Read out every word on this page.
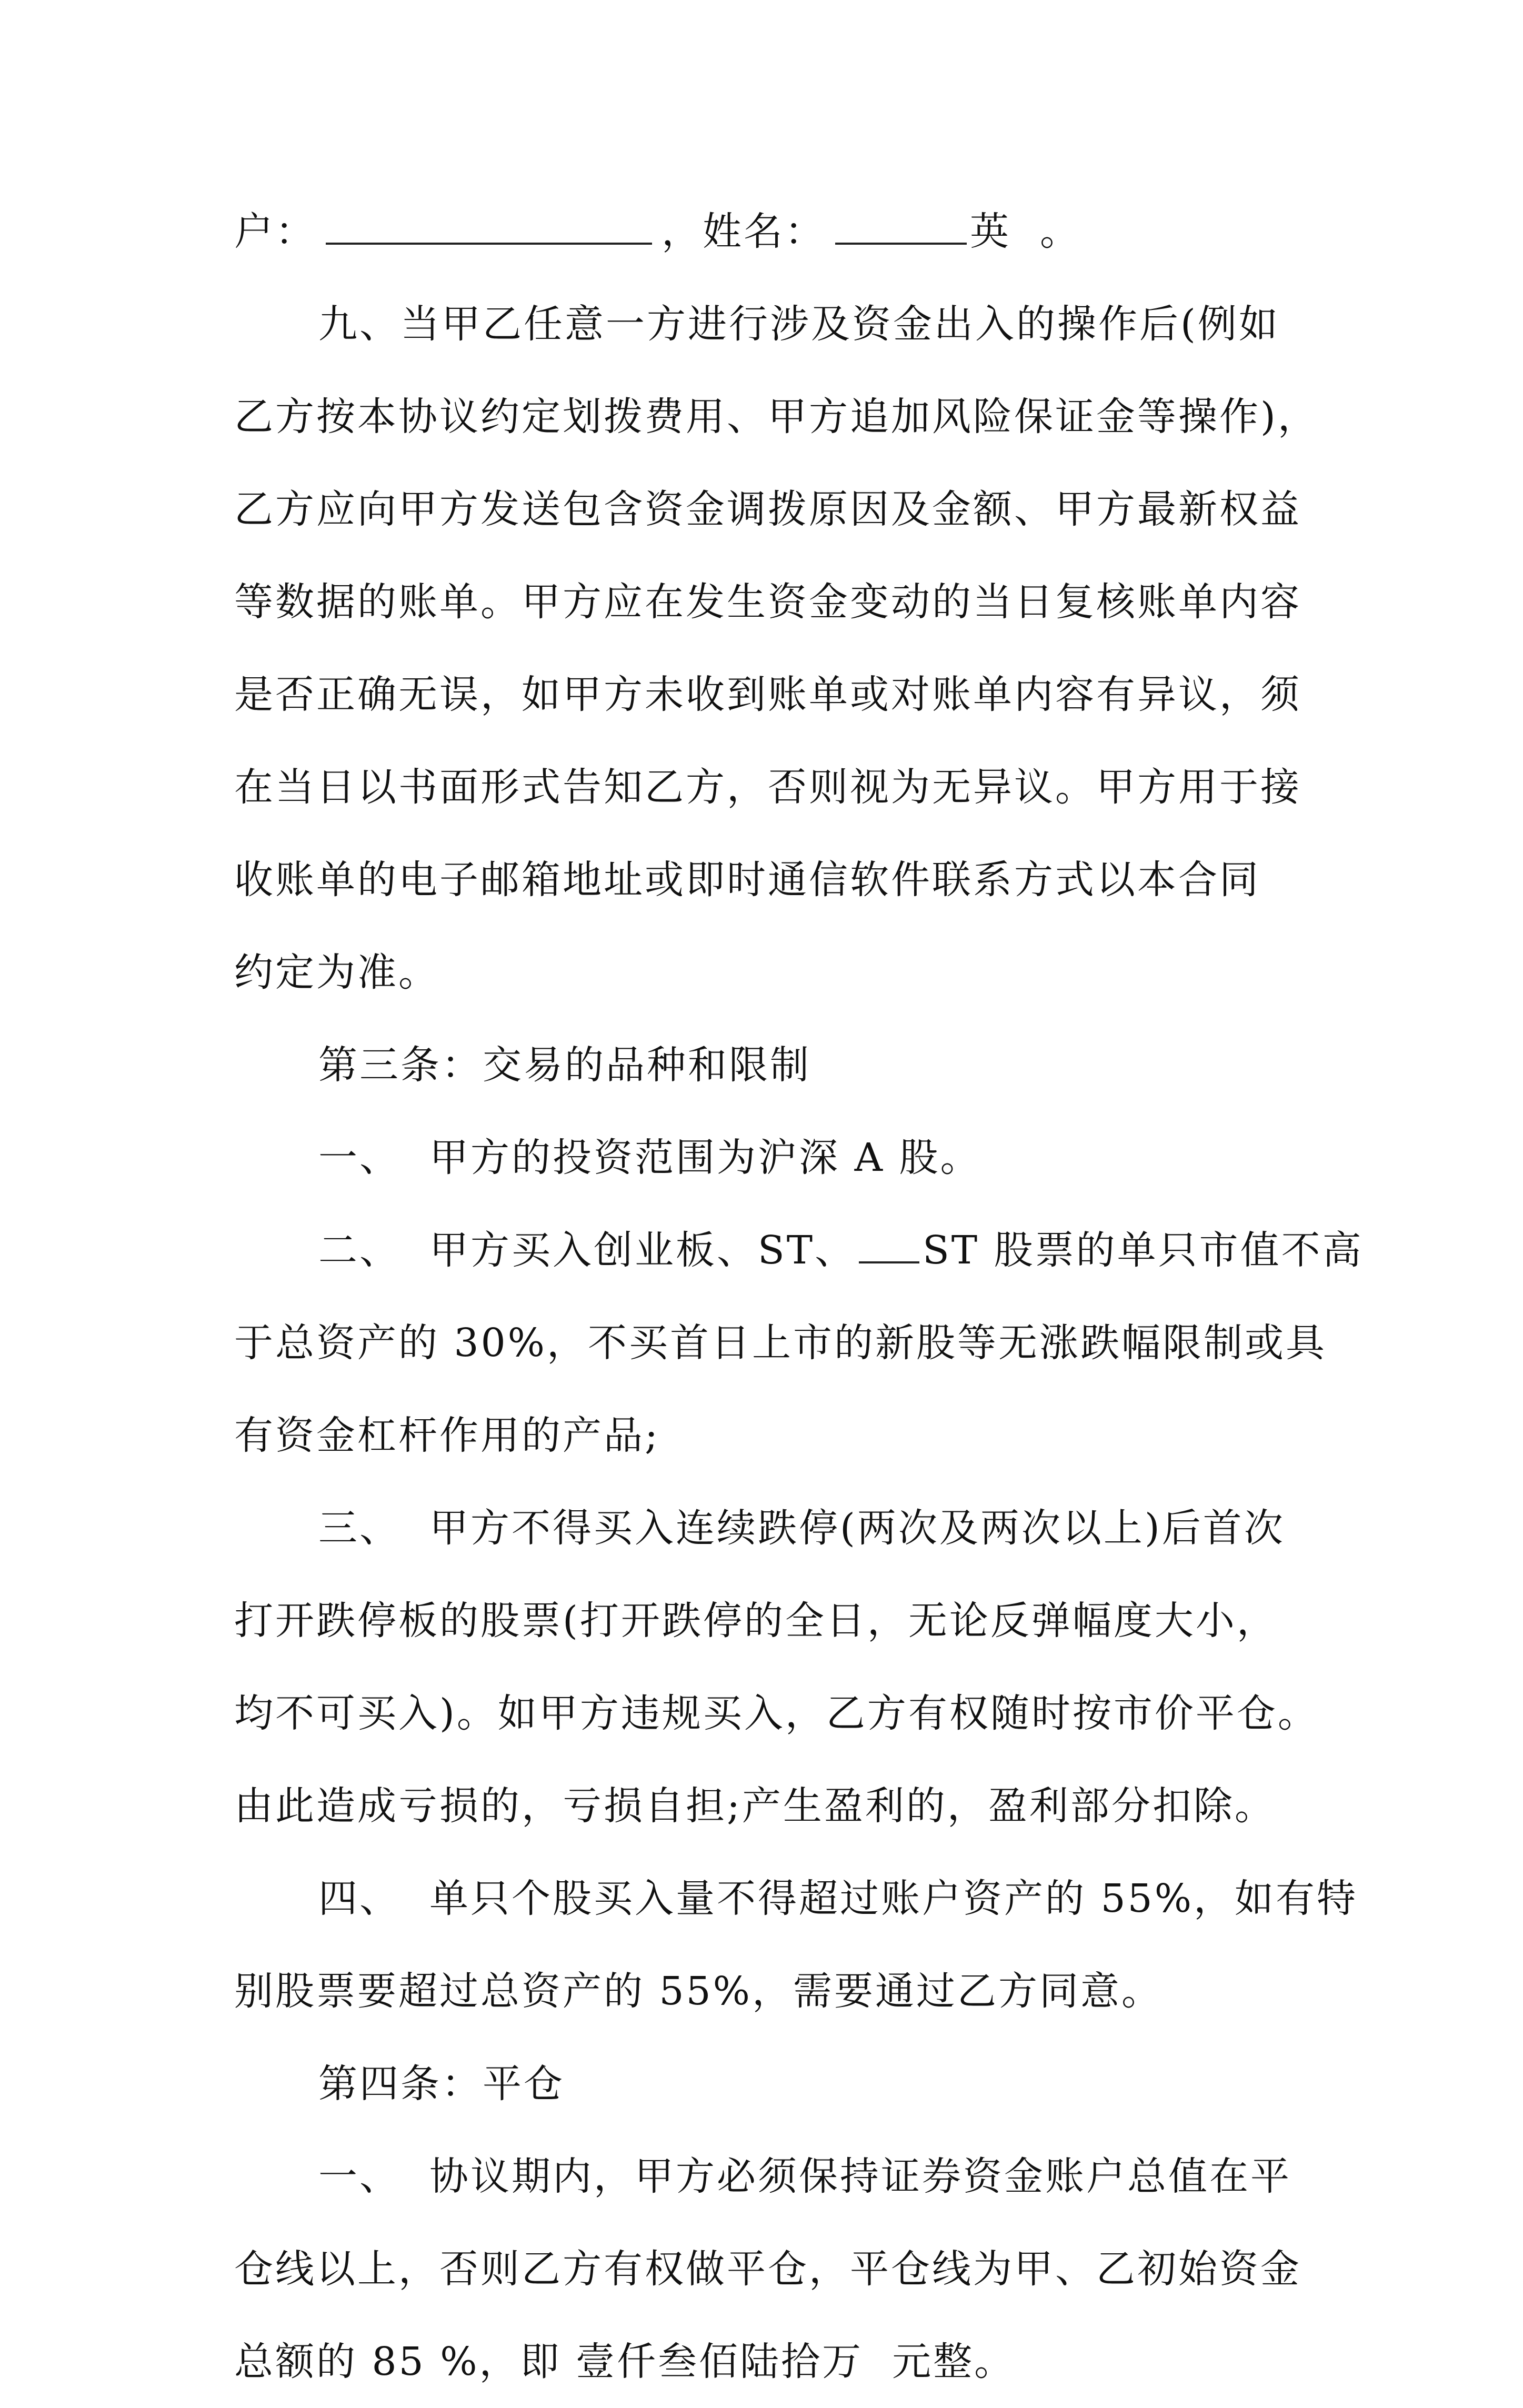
户：	，姓名：	英 。
九、当甲乙任意一方进行涉及资金出入的操作后(例如
乙方按本协议约定划拨费用、甲方追加风险保证金等操作)，
乙方应向甲方发送包含资金调拨原因及金额、甲方最新权益
等数据的账单。甲方应在发生资金变动的当日复核账单内容
是否正确无误，如甲方未收到账单或对账单内容有异议，须
在当日以书面形式告知乙方，否则视为无异议。甲方用于接
收账单的电子邮箱地址或即时通信软件联系方式以本合同
约定为准。
第三条：交易的品种和限制
一、  甲方的投资范围为沪深 A 股。
二、  甲方买入创业板、ST、 ST 股票的单只市值不高
于总资产的 30%，不买首日上市的新股等无涨跌幅限制或具
有资金杠杆作用的产品;
三、  甲方不得买入连续跌停(两次及两次以上)后首次
打开跌停板的股票(打开跌停的全日，无论反弹幅度大小，
均不可买入)。如甲方违规买入，乙方有权随时按市价平仓。
由此造成亏损的，亏损自担;产生盈利的，盈利部分扣除。
四、  单只个股买入量不得超过账户资产的 55%，如有特
别股票要超过总资产的 55%，需要通过乙方同意。
第四条：平仓
一、  协议期内，甲方必须保持证券资金账户总值在平
仓线以上，否则乙方有权做平仓，平仓线为甲、乙初始资金
总额的 85 %，即 壹仟叁佰陆拾万  元整。
